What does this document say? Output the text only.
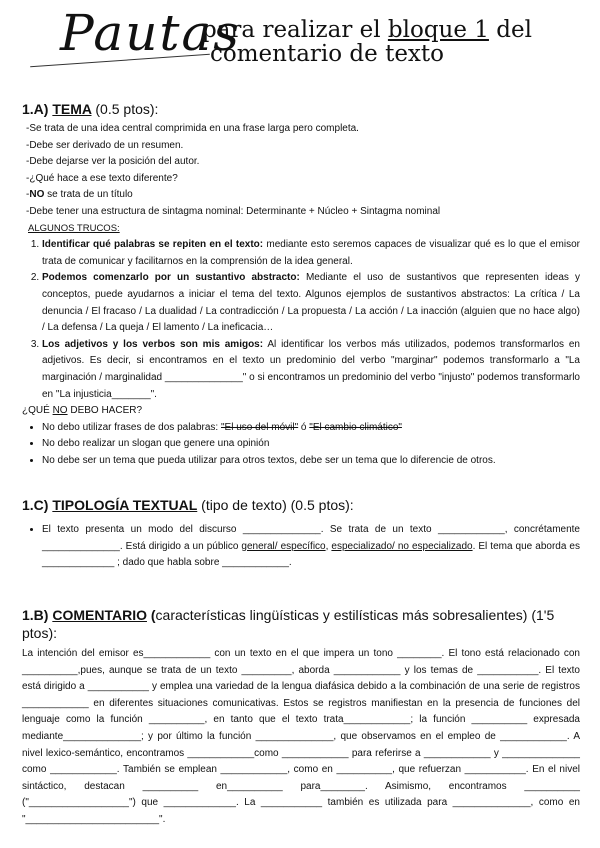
Pautas
para realizar el bloque 1 del
comentario de texto
1.A) TEMA (0.5 ptos):

-Se trata de una idea central comprimida en una frase larga pero completa.

-Debe ser derivado de un resumen.

-Debe dejarse ver la posición del autor.

-¿Qué hace a ese texto diferente?

-NO se trata de un título

-Debe tener una estructura de sintagma nominal: Determinante + Núcleo + Sintagma nominal

ALGUNOS TRUCOS:

1. Identificar qué palabras se repiten en el texto: mediante esto seremos capaces de visualizar qué es lo que el emisor trata de comunicar y facilitarnos en la comprensión de la idea general.
2. Podemos comenzarlo por un sustantivo abstracto: Mediante el uso de sustantivos que representen ideas y conceptos, puede ayudarnos a iniciar el tema del texto. Algunos ejemplos de sustantivos abstractos: La crítica / La denuncia / El fracaso / La dualidad / La contradicción / La propuesta / La acción / La inacción (alguien que no hace algo) / La defensa / La queja / El lamento / La ineficacia…
3. Los adjetivos y los verbos son mis amigos: Al identificar los verbos más utilizados, podemos transformarlos en adjetivos. Es decir, si encontramos en el texto un predominio del verbo "marginar" podemos transformarlo a "La marginación / marginalidad ______________" o si encontramos un predominio del verbo "injusto" podemos transformarlo en "La injusticia_______".

¿QUÉ NO DEBO HACER?

• No debo utilizar frases de dos palabras: "El uso del móvil" ó "El cambio climático"
• No debo realizar un slogan que genere una opinión
• No debe ser un tema que pueda utilizar para otros textos, debe ser un tema que lo diferencie de otros.
1.C) TIPOLOGÍA TEXTUAL (tipo de texto) (0.5 ptos):
• El texto presenta un modo del discurso ______________. Se trata de un texto ____________, concrétamente ______________. Está dirigido a un público general/ específico, especializado/ no especializado. El tema que aborda es _____________ ; dado que habla sobre ____________.
1.B) COMENTARIO (características lingüísticas y estilísticas más sobresalientes) (1'5 ptos):

La intención del emisor es____________ con un texto en el que impera un tono ________. El tono está relacionado con __________,pues, aunque se trata de un texto _________, aborda ____________ y los temas de ___________. El texto está dirigido a ___________ y emplea una variedad de la lengua diafásica debido a la combinación de una serie de registros ____________ en diferentes situaciones comunicativas. Estos se registros manifiestan en la presencia de funciones del lenguaje como la función __________, en tanto que el texto trata____________; la función __________ expresada mediante______________; y por último la función ______________, que observamos en el empleo de ____________. A nivel lexico-semántico, encontramos ____________como ____________ para referirse a ____________ y ______________ como ____________. También se emplean ____________, como en __________, que refuerzan ___________. En el nivel sintáctico, destacan __________ en__________ para________. Asimismo, encontramos __________ ("__________________") que _____________. La ___________ también es utilizada para ______________, como en "________________________".
